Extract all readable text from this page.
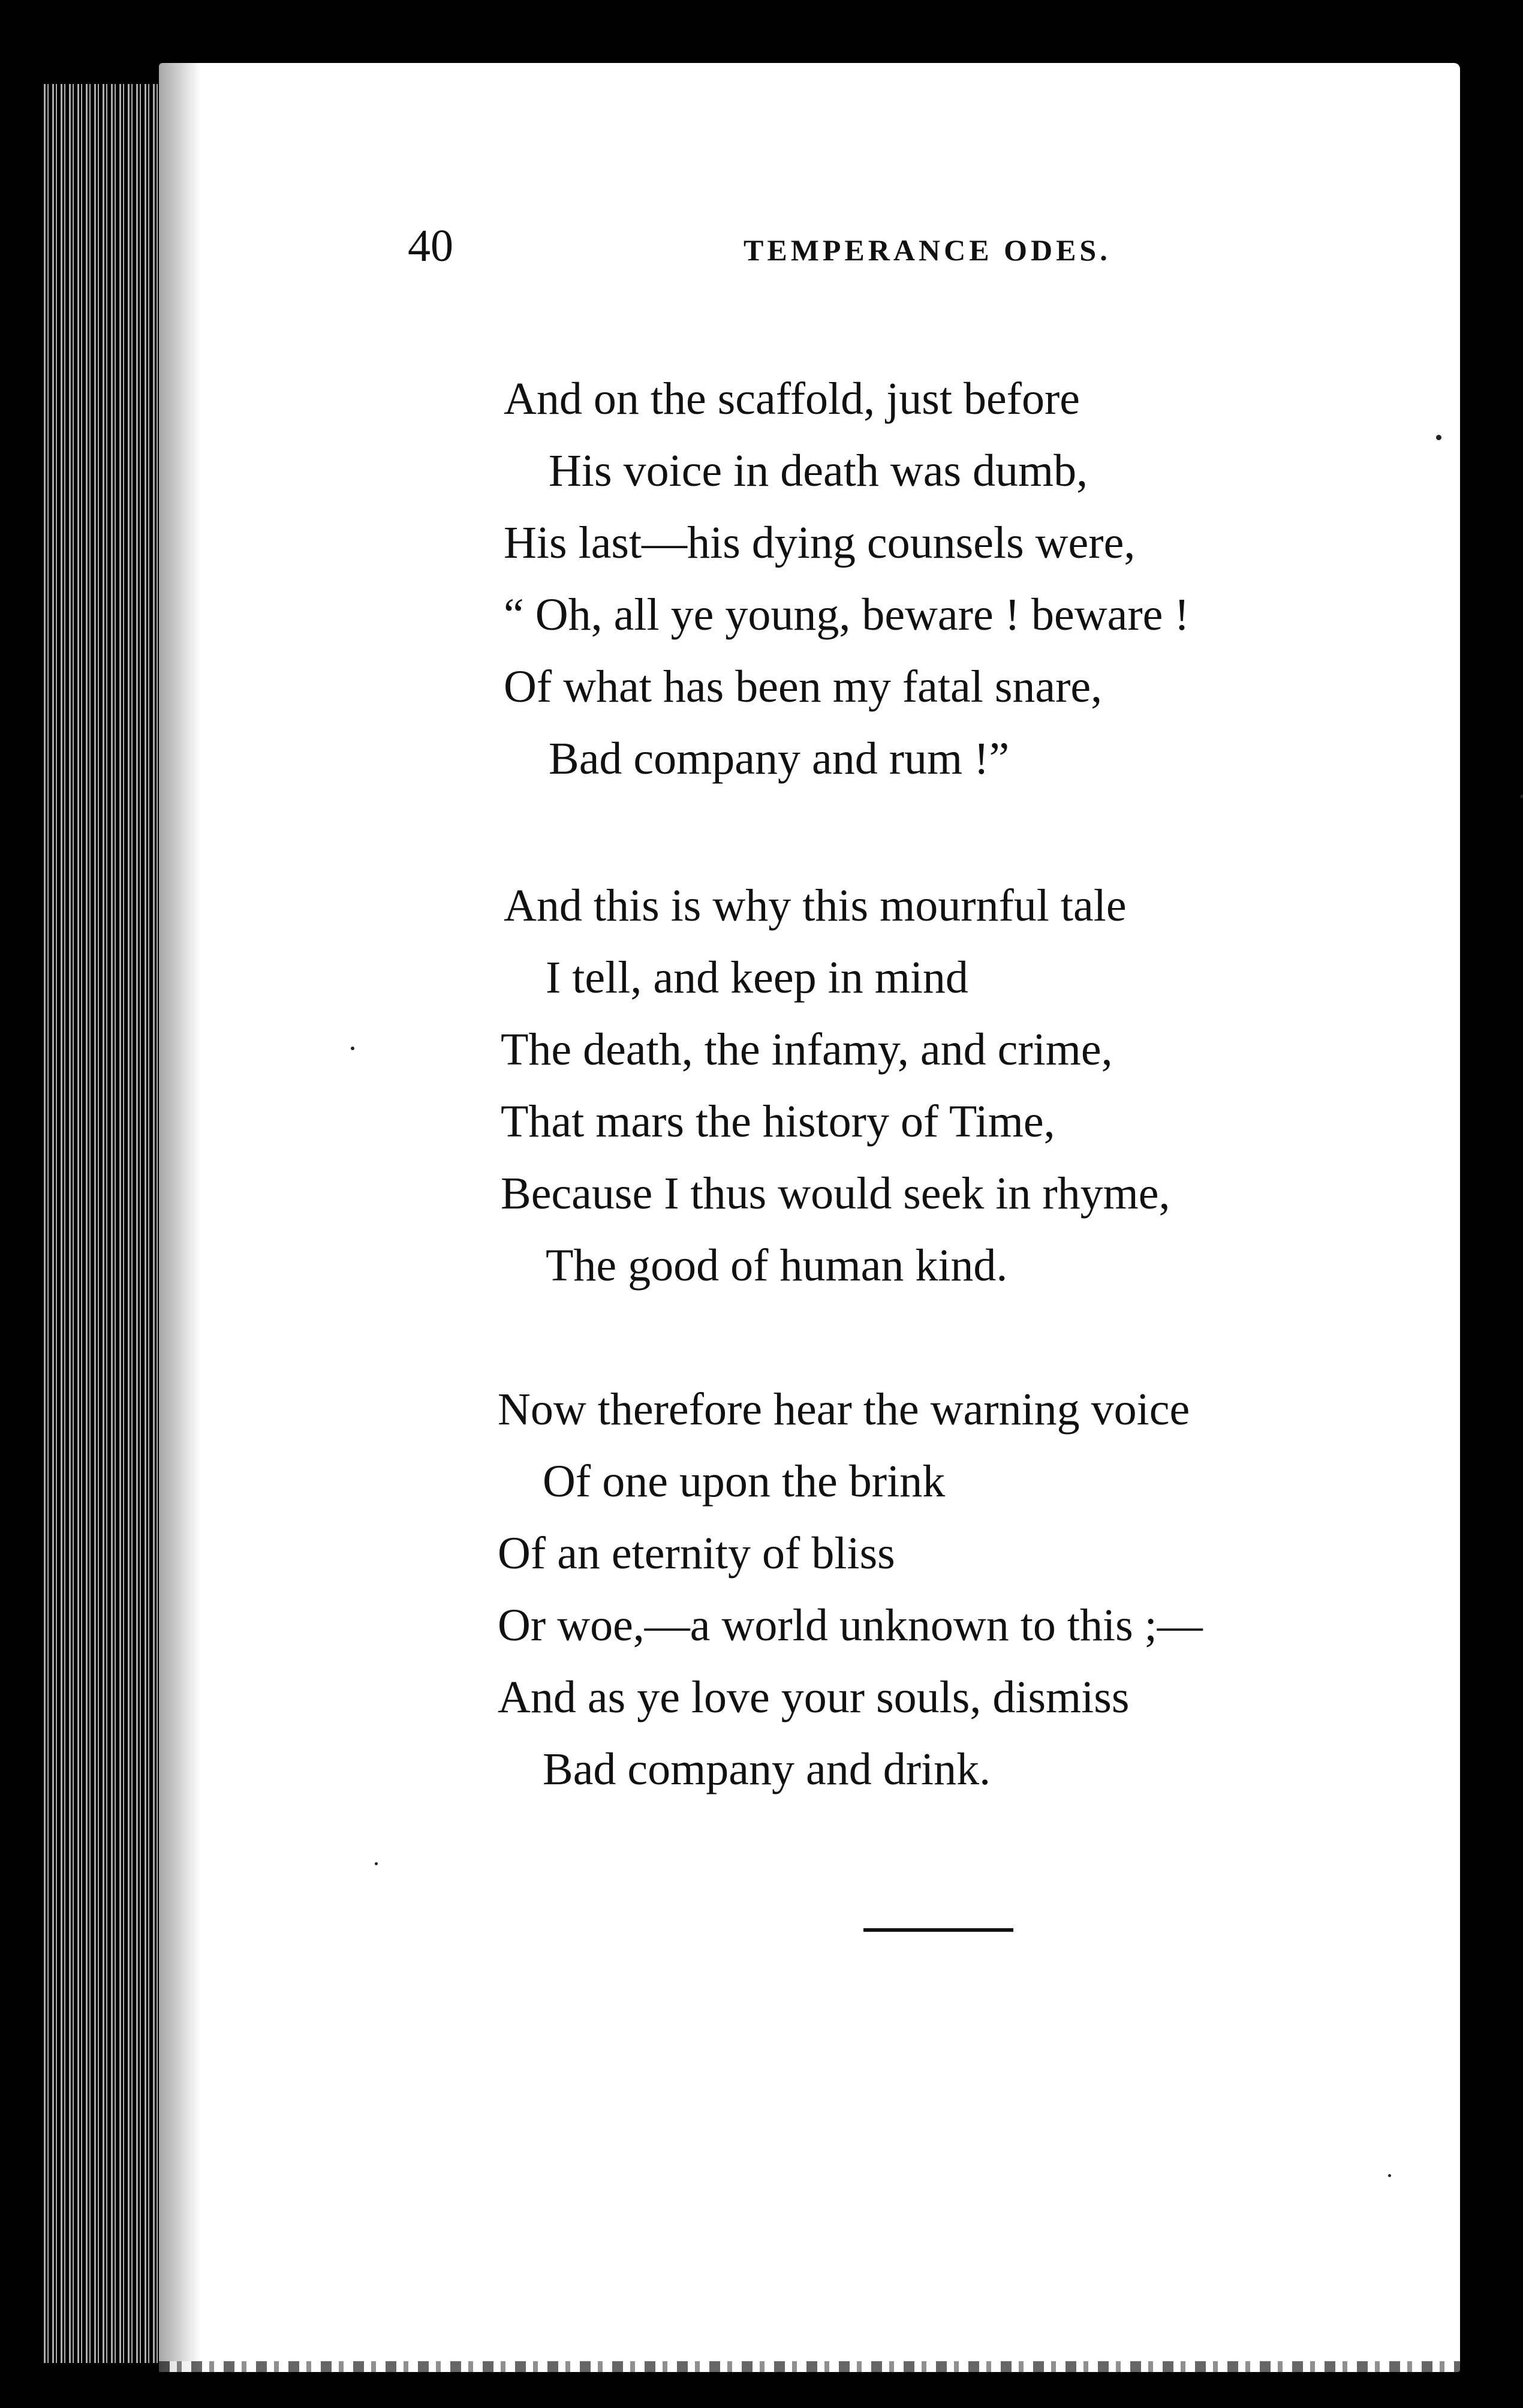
40	TEMPERANCE ODES.
And on the scaffold, just before
His voice in death was dumb,
His last—his dying counsels were,
“ Oh, all ye young, beware ! beware !
Of what has been my fatal snare,
Bad company and rum !”
And this is why this mournful tale
I tell, and keep in mind
The death, the infamy, and crime,
That mars the history of Time,
Because I thus would seek in rhyme,
The good of human kind.
Now therefore hear the warning voice
Of one upon the brink
Of an eternity of bliss
Or woe,—a world unknown to this ;—
And as ye love your souls, dismiss
Bad company and drink.
